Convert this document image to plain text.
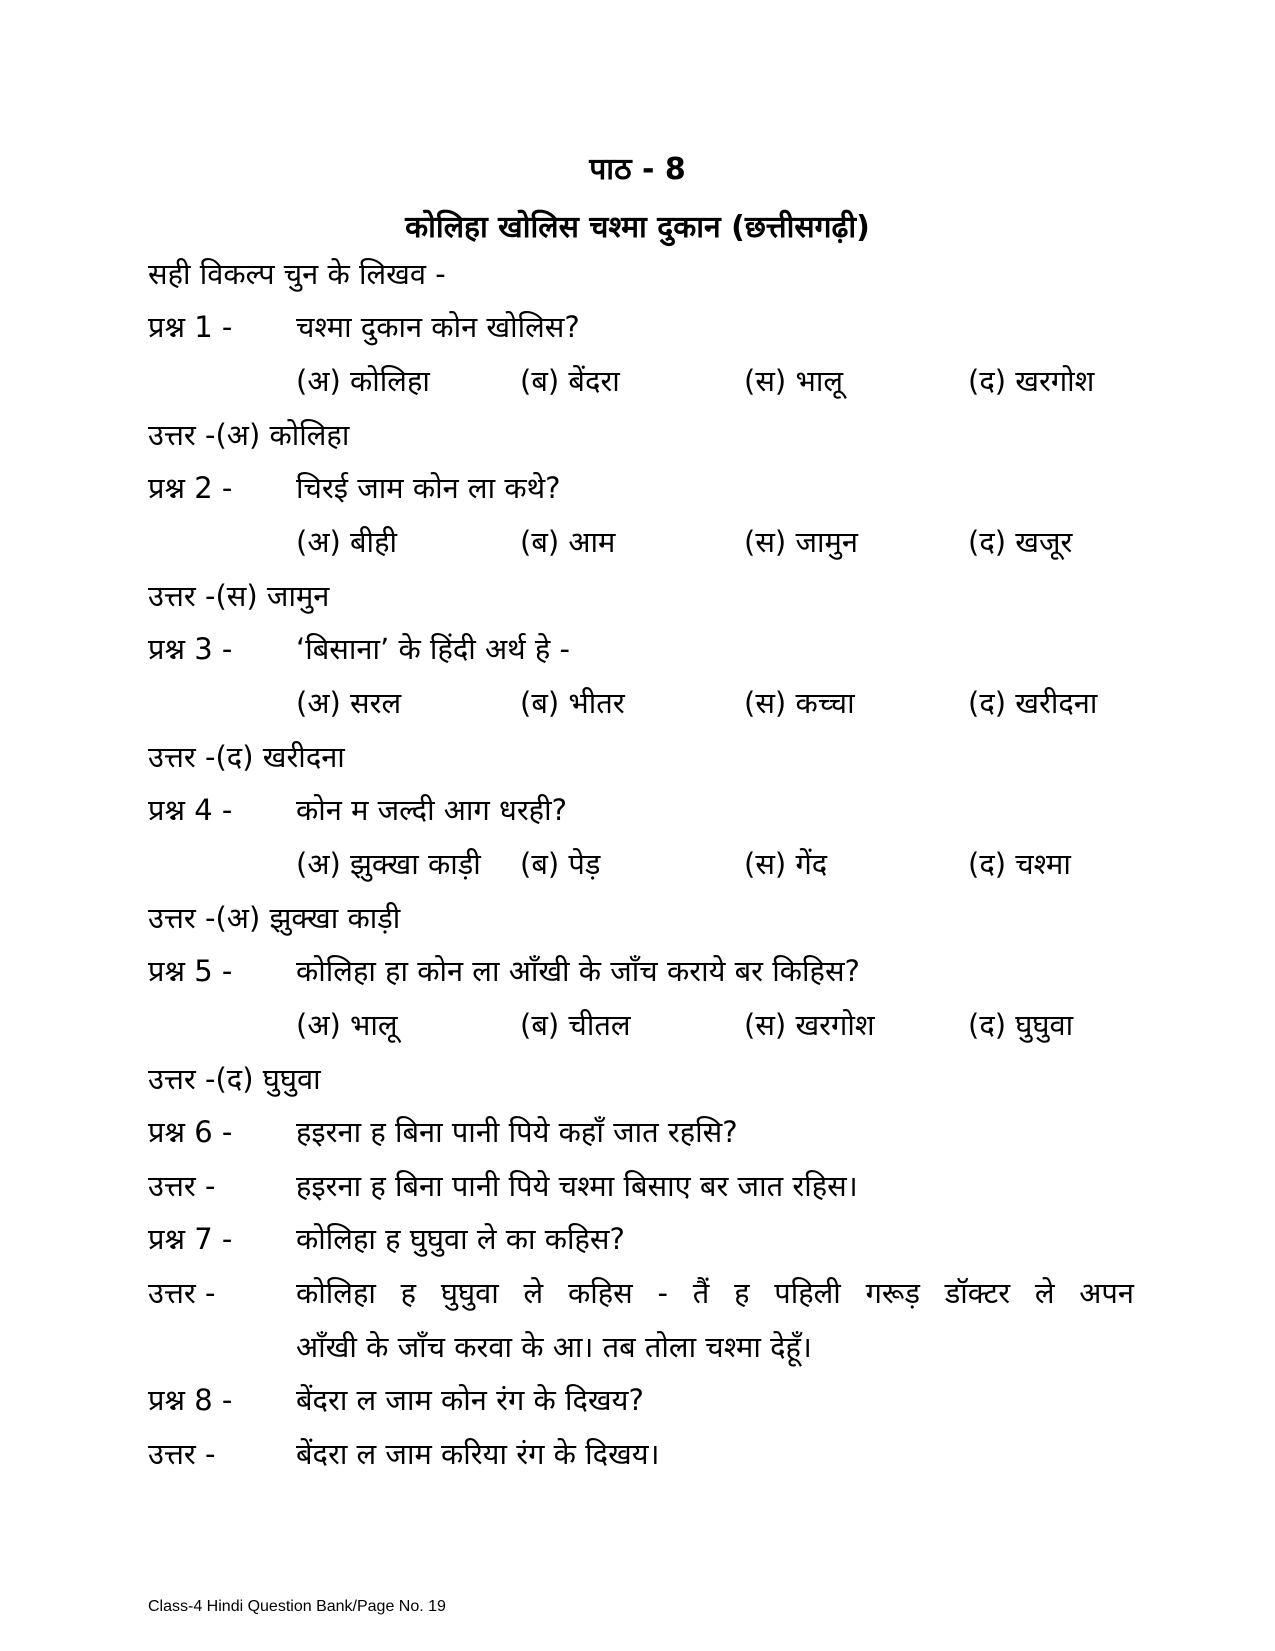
पाठ - 8
कोलिहा खोलिस चश्मा दुकान (छत्तीसगढ़ी)
सही विकल्प चुन के लिखव -
प्रश्न 1 - चश्मा दुकान कोन खोलिस?
(अ) कोलिहा	(ब) बेंदरा	(स) भालू	(द) खरगोश
उत्तर -(अ) कोलिहा
प्रश्न 2 - चिरई जाम कोन ला कथे?
(अ) बीही	(ब) आम	(स) जामुन	(द) खजूर
उत्तर -(स) जामुन
प्रश्न 3 - ‘बिसाना’ के हिंदी अर्थ हे -
(अ) सरल	(ब) भीतर	(स) कच्चा	(द) खरीदना
उत्तर -(द) खरीदना
प्रश्न 4 - कोन म जल्दी आग धरही?
(अ) झुक्खा काड़ी (ब) पेड़	(स) गेंद	(द) चश्मा
उत्तर -(अ) झुक्खा काड़ी
प्रश्न 5 - कोलिहा हा कोन ला आँखी के जाँच कराये बर किहिस?
(अ) भालू	(ब) चीतल	(स) खरगोश	(द) घुघुवा
उत्तर -(द) घुघुवा
प्रश्न 6 - हइरना ह बिना पानी पिये कहाँ जात रहसि?
उत्तर -	हइरना ह बिना पानी पिये चश्मा बिसाए बर जात रहिस।
प्रश्न 7 - कोलिहा ह घुघुवा ले का कहिस?
उत्तर -	कोलिहा ह घुघुवा ले कहिस - तैं ह पहिली गरूड़ डॉक्टर ले अपन
आँखी के जाँच करवा के आ। तब तोला चश्मा देहूँ।
प्रश्न 8 - बेंदरा ल जाम कोन रंग के दिखय?
उत्तर -	बेंदरा ल जाम करिया रंग के दिखय।
Class-4 Hindi Question Bank/Page No. 19
